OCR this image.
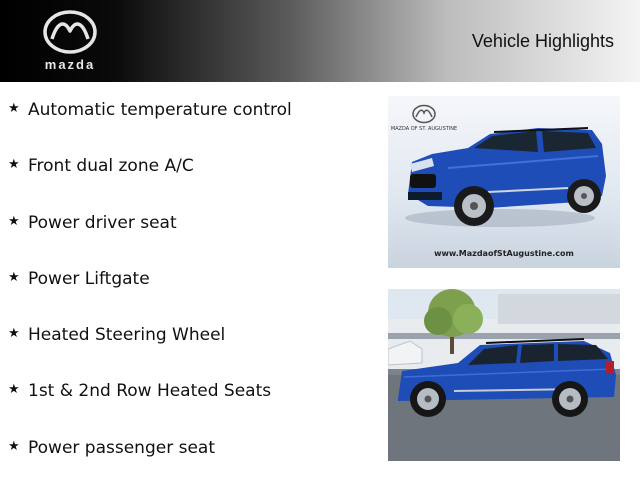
mazda
Vehicle Highlights
★ Automatic temperature control
★ Front dual zone A/C
★ Power driver seat
★ Power Liftgate
★ Heated Steering Wheel
★ 1st & 2nd Row Heated Seats
★ Power passenger seat
MAZDA OF ST. AUGUSTINE
www.MazdaofStAugustine.com
